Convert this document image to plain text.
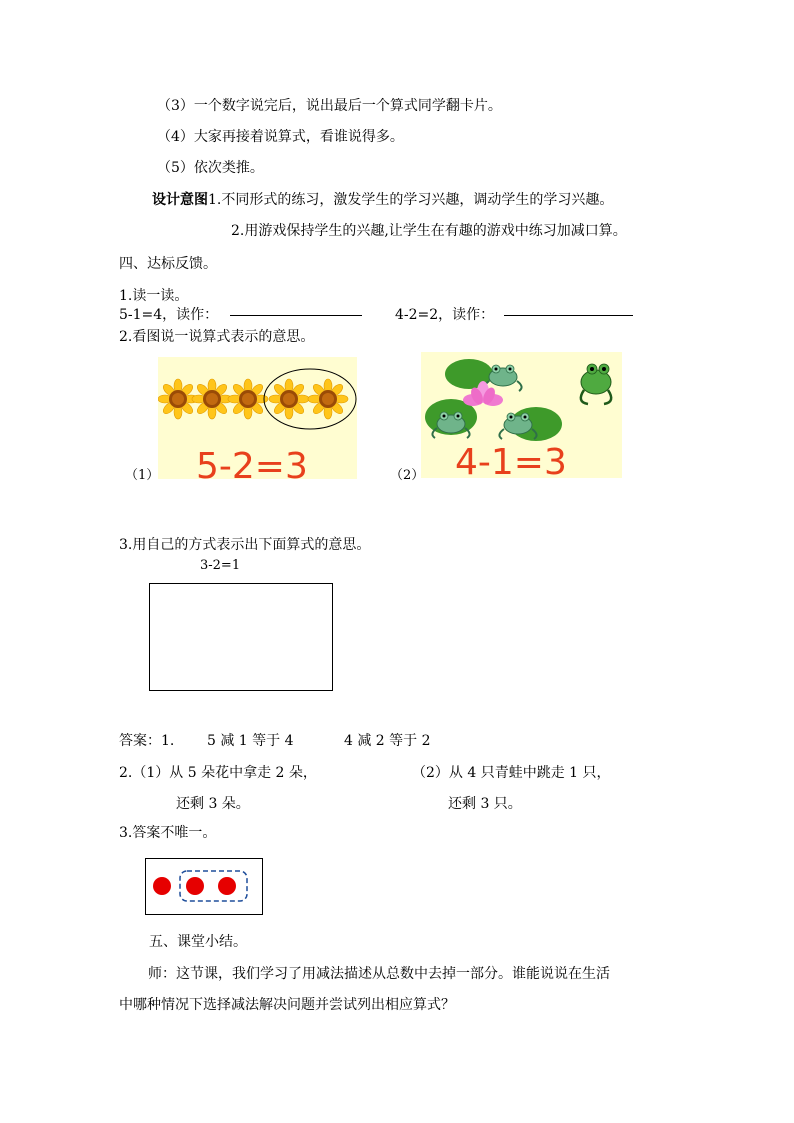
（3）一个数字说完后，说出最后一个算式同学翻卡片。
（4）大家再接着说算式，看谁说得多。
（5）依次类推。
设计意图1.不同形式的练习，激发学生的学习兴趣，调动学生的学习兴趣。
2.用游戏保持学生的兴趣,让学生在有趣的游戏中练习加减口算。
四、达标反馈。
1.读一读。
5-1=4，读作：	4-2=2，读作：
2.看图说一说算式表示的意思。
（1） 5-2=3	（2） 4-1=3
3.用自己的方式表示出下面算式的意思。
3-2=1
答案：1. 5 减 1 等于 4	4 减 2 等于 2
2.（1）从 5 朵花中拿走 2 朵，
还剩 3 朵。
（2）从 4 只青蛙中跳走 1 只，
还剩 3 只。
3.答案不唯一。
五、课堂小结。
师：这节课，我们学习了用减法描述从总数中去掉一部分。谁能说说在生活
中哪种情况下选择减法解决问题并尝试列出相应算式？
